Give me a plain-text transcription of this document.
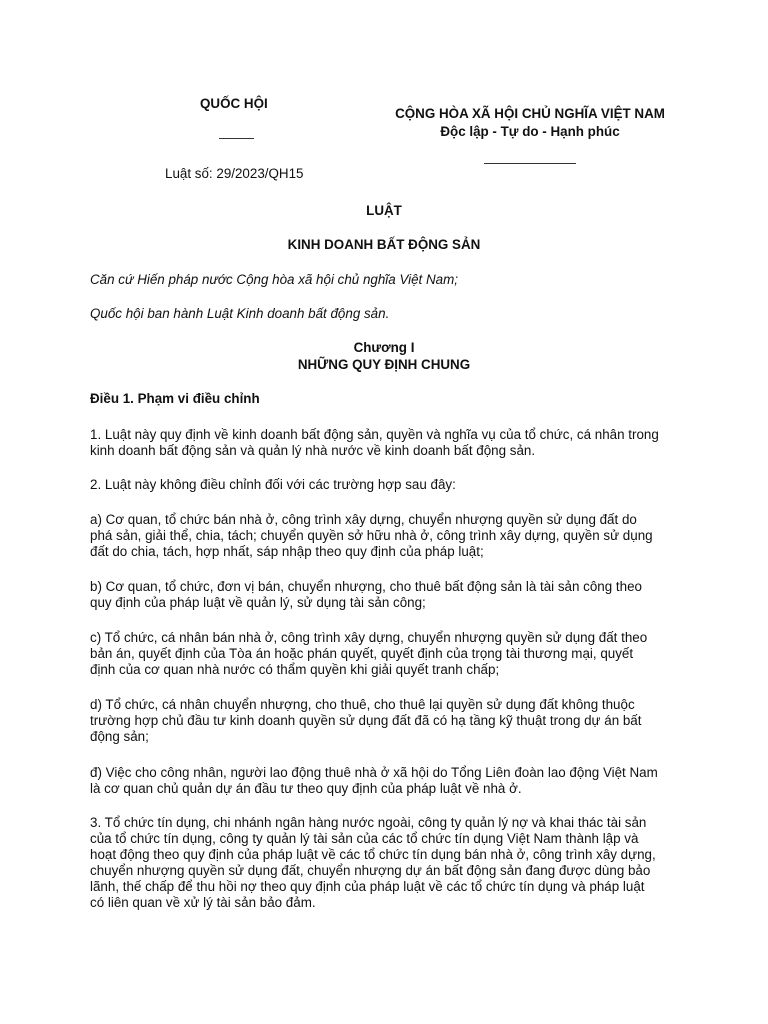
QUỐC HỘI
Luật số: 29/2023/QH15
CỘNG HÒA XÃ HỘI CHỦ NGHĨA VIỆT NAM
Độc lập - Tự do - Hạnh phúc
LUẬT
KINH DOANH BẤT ĐỘNG SẢN
Căn cứ Hiến pháp nước Cộng hòa xã hội chủ nghĩa Việt Nam;
Quốc hội ban hành Luật Kinh doanh bất động sản.
Chương I
NHỮNG QUY ĐỊNH CHUNG
Điều 1. Phạm vi điều chỉnh
1. Luật này quy định về kinh doanh bất động sản, quyền và nghĩa vụ của tổ chức, cá nhân trong
kinh doanh bất động sản và quản lý nhà nước về kinh doanh bất động sản.
2. Luật này không điều chỉnh đối với các trường hợp sau đây:
a) Cơ quan, tổ chức bán nhà ở, công trình xây dựng, chuyển nhượng quyền sử dụng đất do
phá sản, giải thể, chia, tách; chuyển quyền sở hữu nhà ở, công trình xây dựng, quyền sử dụng
đất do chia, tách, hợp nhất, sáp nhập theo quy định của pháp luật;
b) Cơ quan, tổ chức, đơn vị bán, chuyển nhượng, cho thuê bất động sản là tài sản công theo
quy định của pháp luật về quản lý, sử dụng tài sản công;
c) Tổ chức, cá nhân bán nhà ở, công trình xây dựng, chuyển nhượng quyền sử dụng đất theo
bản án, quyết định của Tòa án hoặc phán quyết, quyết định của trọng tài thương mại, quyết
định của cơ quan nhà nước có thẩm quyền khi giải quyết tranh chấp;
d) Tổ chức, cá nhân chuyển nhượng, cho thuê, cho thuê lại quyền sử dụng đất không thuộc
trường hợp chủ đầu tư kinh doanh quyền sử dụng đất đã có hạ tầng kỹ thuật trong dự án bất
động sản;
đ) Việc cho công nhân, người lao động thuê nhà ở xã hội do Tổng Liên đoàn lao động Việt Nam
là cơ quan chủ quản dự án đầu tư theo quy định của pháp luật về nhà ở.
3. Tổ chức tín dụng, chi nhánh ngân hàng nước ngoài, công ty quản lý nợ và khai thác tài sản
của tổ chức tín dụng, công ty quản lý tài sản của các tổ chức tín dụng Việt Nam thành lập và
hoạt động theo quy định của pháp luật về các tổ chức tín dụng bán nhà ở, công trình xây dựng,
chuyển nhượng quyền sử dụng đất, chuyển nhượng dự án bất động sản đang được dùng bảo
lãnh, thế chấp để thu hồi nợ theo quy định của pháp luật về các tổ chức tín dụng và pháp luật
có liên quan về xử lý tài sản bảo đảm.
